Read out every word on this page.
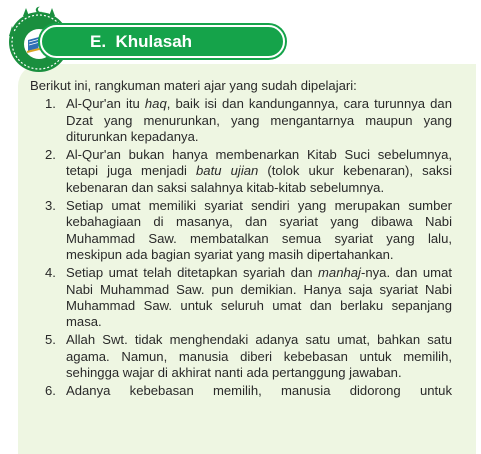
E. Khulasah

Berikut ini, rangkuman materi ajar yang sudah dipelajari:

1. Al-Qur'an itu haq, baik isi dan kandungannya, cara turunnya dan Dzat yang menurunkan, yang mengantarnya maupun yang diturunkan kepadanya.
2. Al-Qur'an bukan hanya membenarkan Kitab Suci sebelumnya, tetapi juga menjadi batu ujian (tolok ukur kebenaran), saksi kebenaran dan saksi salahnya kitab-kitab sebelumnya.
3. Setiap umat memiliki syariat sendiri yang merupakan sumber kebahagiaan di masanya, dan syariat yang dibawa Nabi Muhammad Saw. membatalkan semua syariat yang lalu, meskipun ada bagian syariat yang masih dipertahankan.
4. Setiap umat telah ditetapkan syariah dan manhaj-nya. dan umat Nabi Muhammad Saw. pun demikian. Hanya saja syariat Nabi Muhammad Saw. untuk seluruh umat dan berlaku sepanjang masa.
5. Allah Swt. tidak menghendaki adanya satu umat, bahkan satu agama. Namun, manusia diberi kebebasan untuk memilih, sehingga wajar di akhirat nanti ada pertanggung jawaban.
6. Adanya kebebasan memilih, manusia didorong untuk
